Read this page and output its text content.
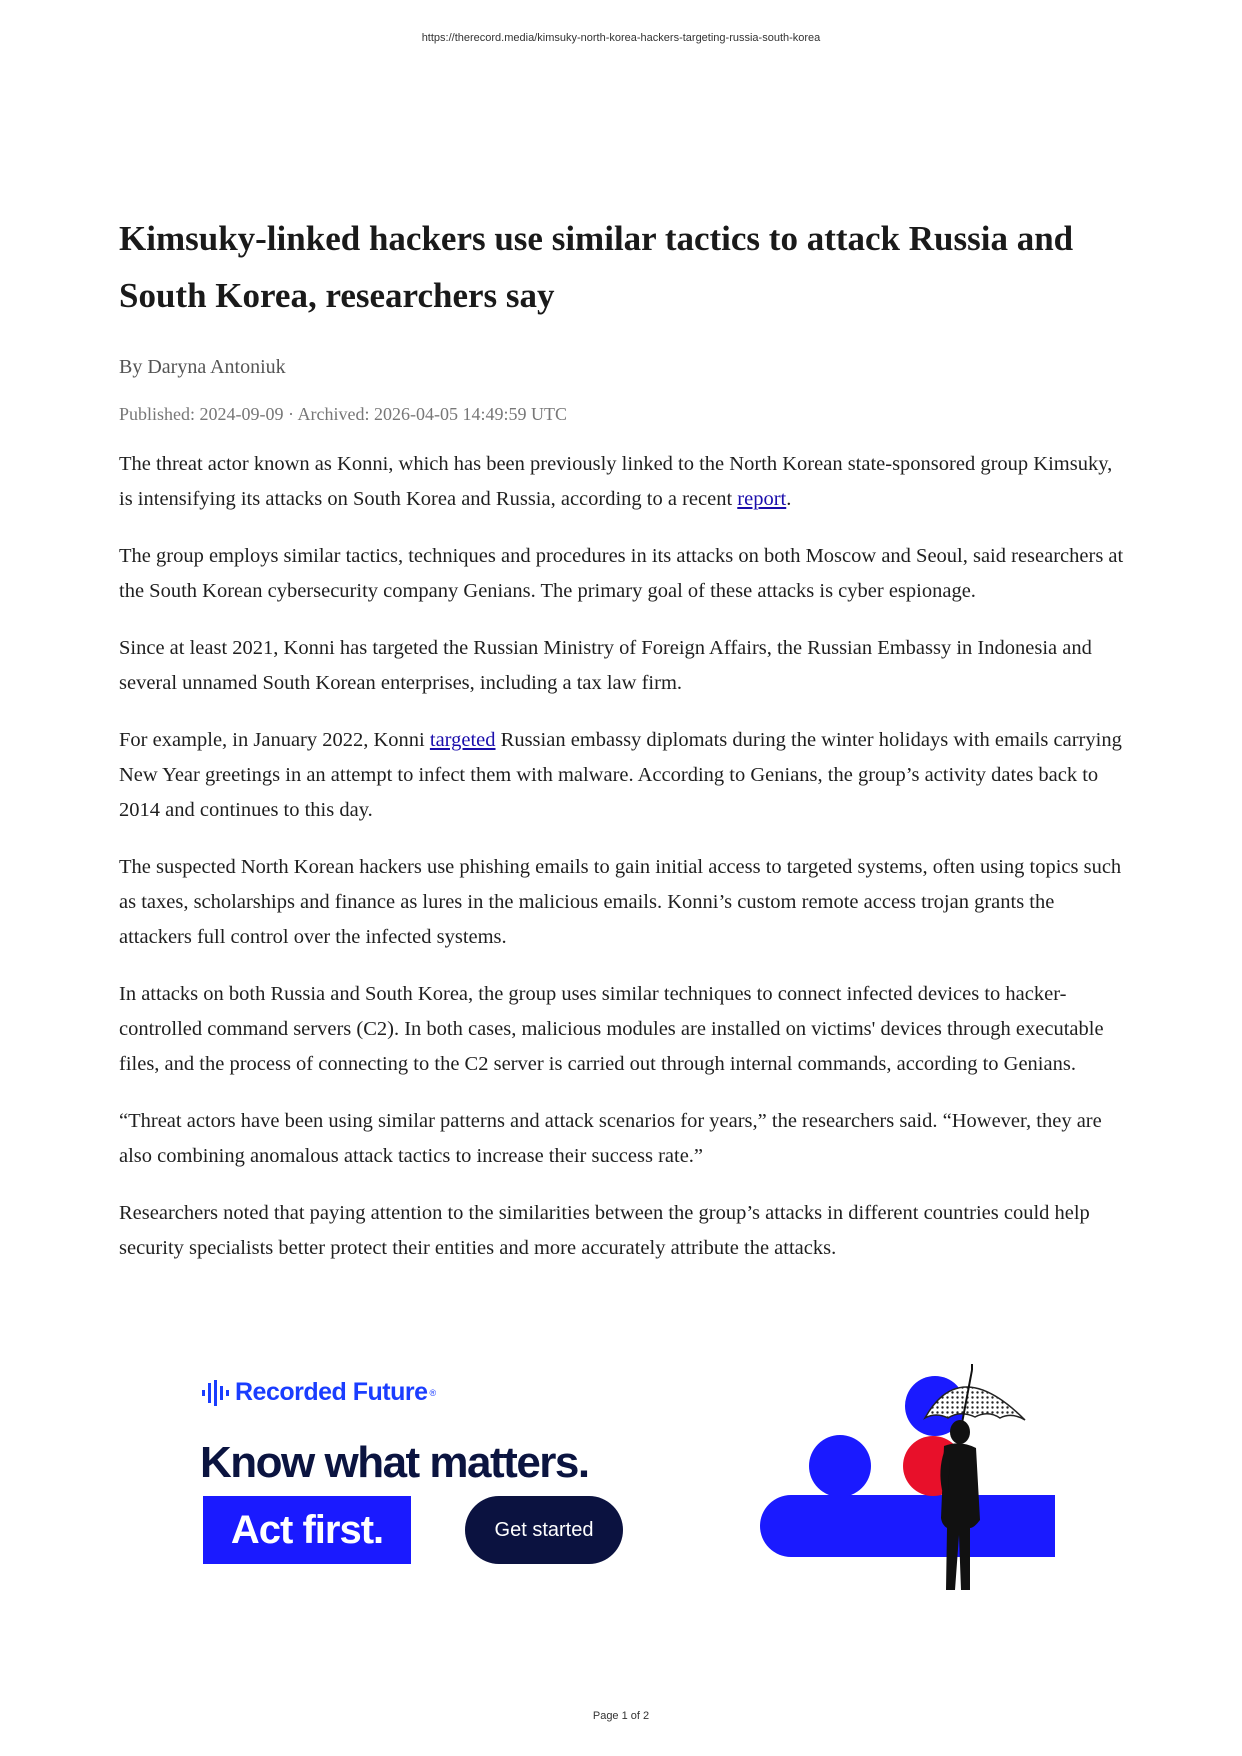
https://therecord.media/kimsuky-north-korea-hackers-targeting-russia-south-korea
Kimsuky-linked hackers use similar tactics to attack Russia and
South Korea, researchers say
By Daryna Antoniuk
Published: 2024-09-09 · Archived: 2026-04-05 14:49:59 UTC

The threat actor known as Konni, which has been previously linked to the North Korean state-sponsored group Kimsuky, is intensifying its attacks on South Korea and Russia, according to a recent report.

The group employs similar tactics, techniques and procedures in its attacks on both Moscow and Seoul, said researchers at the South Korean cybersecurity company Genians. The primary goal of these attacks is cyber espionage.

Since at least 2021, Konni has targeted the Russian Ministry of Foreign Affairs, the Russian Embassy in Indonesia and several unnamed South Korean enterprises, including a tax law firm.

For example, in January 2022, Konni targeted Russian embassy diplomats during the winter holidays with emails carrying New Year greetings in an attempt to infect them with malware. According to Genians, the group’s activity dates back to 2014 and continues to this day.

The suspected North Korean hackers use phishing emails to gain initial access to targeted systems, often using topics such as taxes, scholarships and finance as lures in the malicious emails. Konni’s custom remote access trojan grants the attackers full control over the infected systems.

In attacks on both Russia and South Korea, the group uses similar techniques to connect infected devices to hacker-controlled command servers (C2). In both cases, malicious modules are installed on victims' devices through executable files, and the process of connecting to the C2 server is carried out through internal commands, according to Genians.

“Threat actors have been using similar patterns and attack scenarios for years,” the researchers said. “However, they are also combining anomalous attack tactics to increase their success rate.”

Researchers noted that paying attention to the similarities between the group’s attacks in different countries could help security specialists better protect their entities and more accurately attribute the attacks.

Recorded Future ®
Know what matters.
Act first.	Get started
Page 1 of 2
